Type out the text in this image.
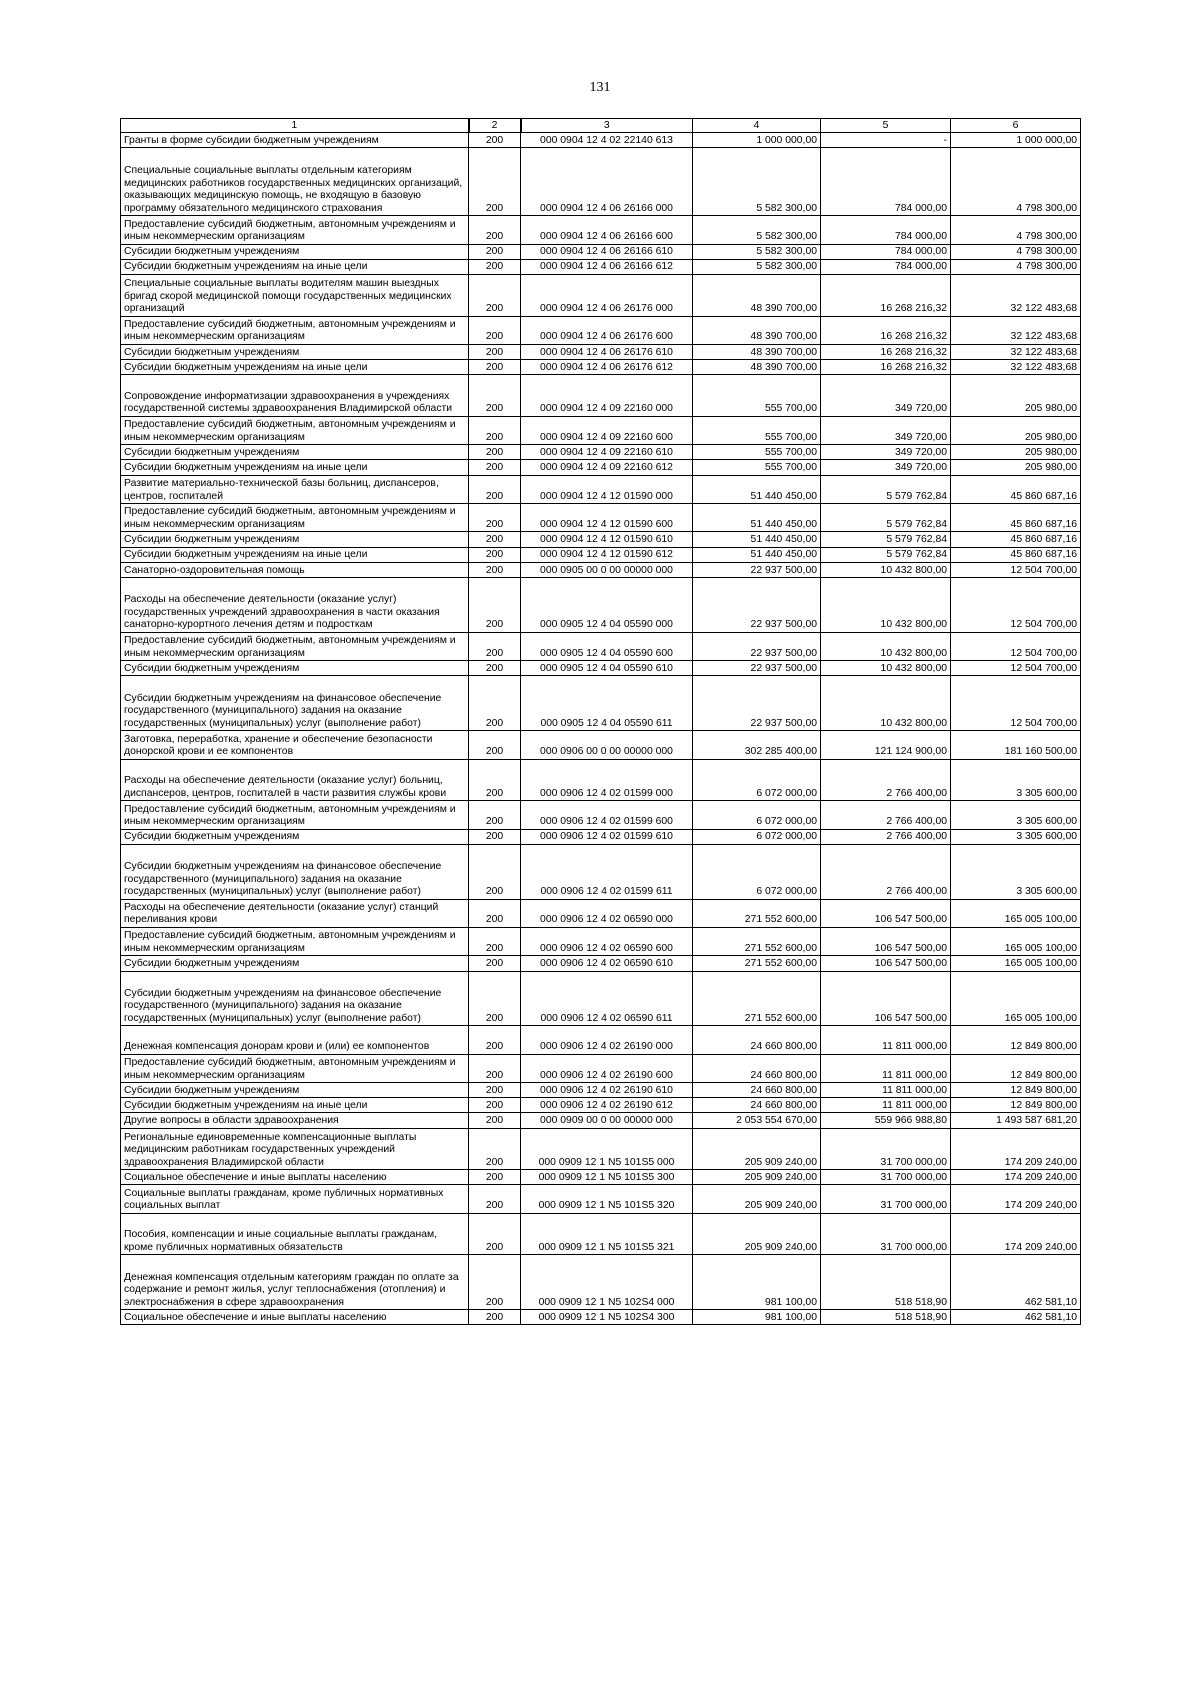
131
1	2	3	4	5	6
Гранты в форме субсидии бюджетным учреждениям	200	000 0904 12 4 02 22140 613	1 000 000,00	-	1 000 000,00
Специальные социальные выплаты отдельным категориям медицинских работников государственных медицинских организаций, оказывающих медицинскую помощь, не входящую в базовую программу обязательного медицинского страхования	200	000 0904 12 4 06 26166 000	5 582 300,00	784 000,00	4 798 300,00
Предоставление субсидий бюджетным, автономным учреждениям и иным некоммерческим организациям	200	000 0904 12 4 06 26166 600	5 582 300,00	784 000,00	4 798 300,00
Субсидии бюджетным учреждениям	200	000 0904 12 4 06 26166 610	5 582 300,00	784 000,00	4 798 300,00
Субсидии бюджетным учреждениям на иные цели	200	000 0904 12 4 06 26166 612	5 582 300,00	784 000,00	4 798 300,00
Специальные социальные выплаты водителям машин выездных бригад скорой медицинской помощи государственных медицинских организаций	200	000 0904 12 4 06 26176 000	48 390 700,00	16 268 216,32	32 122 483,68
Предоставление субсидий бюджетным, автономным учреждениям и иным некоммерческим организациям	200	000 0904 12 4 06 26176 600	48 390 700,00	16 268 216,32	32 122 483,68
Субсидии бюджетным учреждениям	200	000 0904 12 4 06 26176 610	48 390 700,00	16 268 216,32	32 122 483,68
Субсидии бюджетным учреждениям на иные цели	200	000 0904 12 4 06 26176 612	48 390 700,00	16 268 216,32	32 122 483,68
Сопровождение информатизации здравоохранения в учреждениях государственной системы здравоохранения Владимирской области	200	000 0904 12 4 09 22160 000	555 700,00	349 720,00	205 980,00
Предоставление субсидий бюджетным, автономным учреждениям и иным некоммерческим организациям	200	000 0904 12 4 09 22160 600	555 700,00	349 720,00	205 980,00
Субсидии бюджетным учреждениям	200	000 0904 12 4 09 22160 610	555 700,00	349 720,00	205 980,00
Субсидии бюджетным учреждениям на иные цели	200	000 0904 12 4 09 22160 612	555 700,00	349 720,00	205 980,00
Развитие материально-технической базы больниц, диспансеров, центров, госпиталей	200	000 0904 12 4 12 01590 000	51 440 450,00	5 579 762,84	45 860 687,16
Предоставление субсидий бюджетным, автономным учреждениям и иным некоммерческим организациям	200	000 0904 12 4 12 01590 600	51 440 450,00	5 579 762,84	45 860 687,16
Субсидии бюджетным учреждениям	200	000 0904 12 4 12 01590 610	51 440 450,00	5 579 762,84	45 860 687,16
Субсидии бюджетным учреждениям на иные цели	200	000 0904 12 4 12 01590 612	51 440 450,00	5 579 762,84	45 860 687,16
Санаторно-оздоровительная помощь	200	000 0905 00 0 00 00000 000	22 937 500,00	10 432 800,00	12 504 700,00
Расходы на обеспечение деятельности (оказание услуг) государственных учреждений здравоохранения в части оказания санаторно-курортного лечения детям и подросткам	200	000 0905 12 4 04 05590 000	22 937 500,00	10 432 800,00	12 504 700,00
Предоставление субсидий бюджетным, автономным учреждениям и иным некоммерческим организациям	200	000 0905 12 4 04 05590 600	22 937 500,00	10 432 800,00	12 504 700,00
Субсидии бюджетным учреждениям	200	000 0905 12 4 04 05590 610	22 937 500,00	10 432 800,00	12 504 700,00
Субсидии бюджетным учреждениям на финансовое обеспечение государственного (муниципального) задания на оказание государственных (муниципальных) услуг (выполнение работ)	200	000 0905 12 4 04 05590 611	22 937 500,00	10 432 800,00	12 504 700,00
Заготовка, переработка, хранение и обеспечение безопасности донорской крови и ее компонентов	200	000 0906 00 0 00 00000 000	302 285 400,00	121 124 900,00	181 160 500,00
Расходы на обеспечение деятельности (оказание услуг) больниц, диспансеров, центров, госпиталей в части развития службы крови	200	000 0906 12 4 02 01599 000	6 072 000,00	2 766 400,00	3 305 600,00
Предоставление субсидий бюджетным, автономным учреждениям и иным некоммерческим организациям	200	000 0906 12 4 02 01599 600	6 072 000,00	2 766 400,00	3 305 600,00
Субсидии бюджетным учреждениям	200	000 0906 12 4 02 01599 610	6 072 000,00	2 766 400,00	3 305 600,00
Субсидии бюджетным учреждениям на финансовое обеспечение государственного (муниципального) задания на оказание государственных (муниципальных) услуг (выполнение работ)	200	000 0906 12 4 02 01599 611	6 072 000,00	2 766 400,00	3 305 600,00
Расходы на обеспечение деятельности (оказание услуг) станций переливания крови	200	000 0906 12 4 02 06590 000	271 552 600,00	106 547 500,00	165 005 100,00
Предоставление субсидий бюджетным, автономным учреждениям и иным некоммерческим организациям	200	000 0906 12 4 02 06590 600	271 552 600,00	106 547 500,00	165 005 100,00
Субсидии бюджетным учреждениям	200	000 0906 12 4 02 06590 610	271 552 600,00	106 547 500,00	165 005 100,00
Субсидии бюджетным учреждениям на финансовое обеспечение государственного (муниципального) задания на оказание государственных (муниципальных) услуг (выполнение работ)	200	000 0906 12 4 02 06590 611	271 552 600,00	106 547 500,00	165 005 100,00
Денежная компенсация донорам крови и (или) ее компонентов	200	000 0906 12 4 02 26190 000	24 660 800,00	11 811 000,00	12 849 800,00
Предоставление субсидий бюджетным, автономным учреждениям и иным некоммерческим организациям	200	000 0906 12 4 02 26190 600	24 660 800,00	11 811 000,00	12 849 800,00
Субсидии бюджетным учреждениям	200	000 0906 12 4 02 26190 610	24 660 800,00	11 811 000,00	12 849 800,00
Субсидии бюджетным учреждениям на иные цели	200	000 0906 12 4 02 26190 612	24 660 800,00	11 811 000,00	12 849 800,00
Другие вопросы в области здравоохранения	200	000 0909 00 0 00 00000 000	2 053 554 670,00	559 966 988,80	1 493 587 681,20
Региональные единовременные компенсационные выплаты медицинским работникам государственных учреждений здравоохранения Владимирской области	200	000 0909 12 1 N5 101S5 000	205 909 240,00	31 700 000,00	174 209 240,00
Социальное обеспечение и иные выплаты населению	200	000 0909 12 1 N5 101S5 300	205 909 240,00	31 700 000,00	174 209 240,00
Социальные выплаты гражданам, кроме публичных нормативных социальных выплат	200	000 0909 12 1 N5 101S5 320	205 909 240,00	31 700 000,00	174 209 240,00
Пособия, компенсации и иные социальные выплаты гражданам, кроме публичных нормативных обязательств	200	000 0909 12 1 N5 101S5 321	205 909 240,00	31 700 000,00	174 209 240,00
Денежная компенсация отдельным категориям граждан по оплате за содержание и ремонт жилья, услуг теплоснабжения (отопления) и электроснабжения в сфере здравоохранения	200	000 0909 12 1 N5 102S4 000	981 100,00	518 518,90	462 581,10
Социальное обеспечение и иные выплаты населению	200	000 0909 12 1 N5 102S4 300	981 100,00	518 518,90	462 581,10
